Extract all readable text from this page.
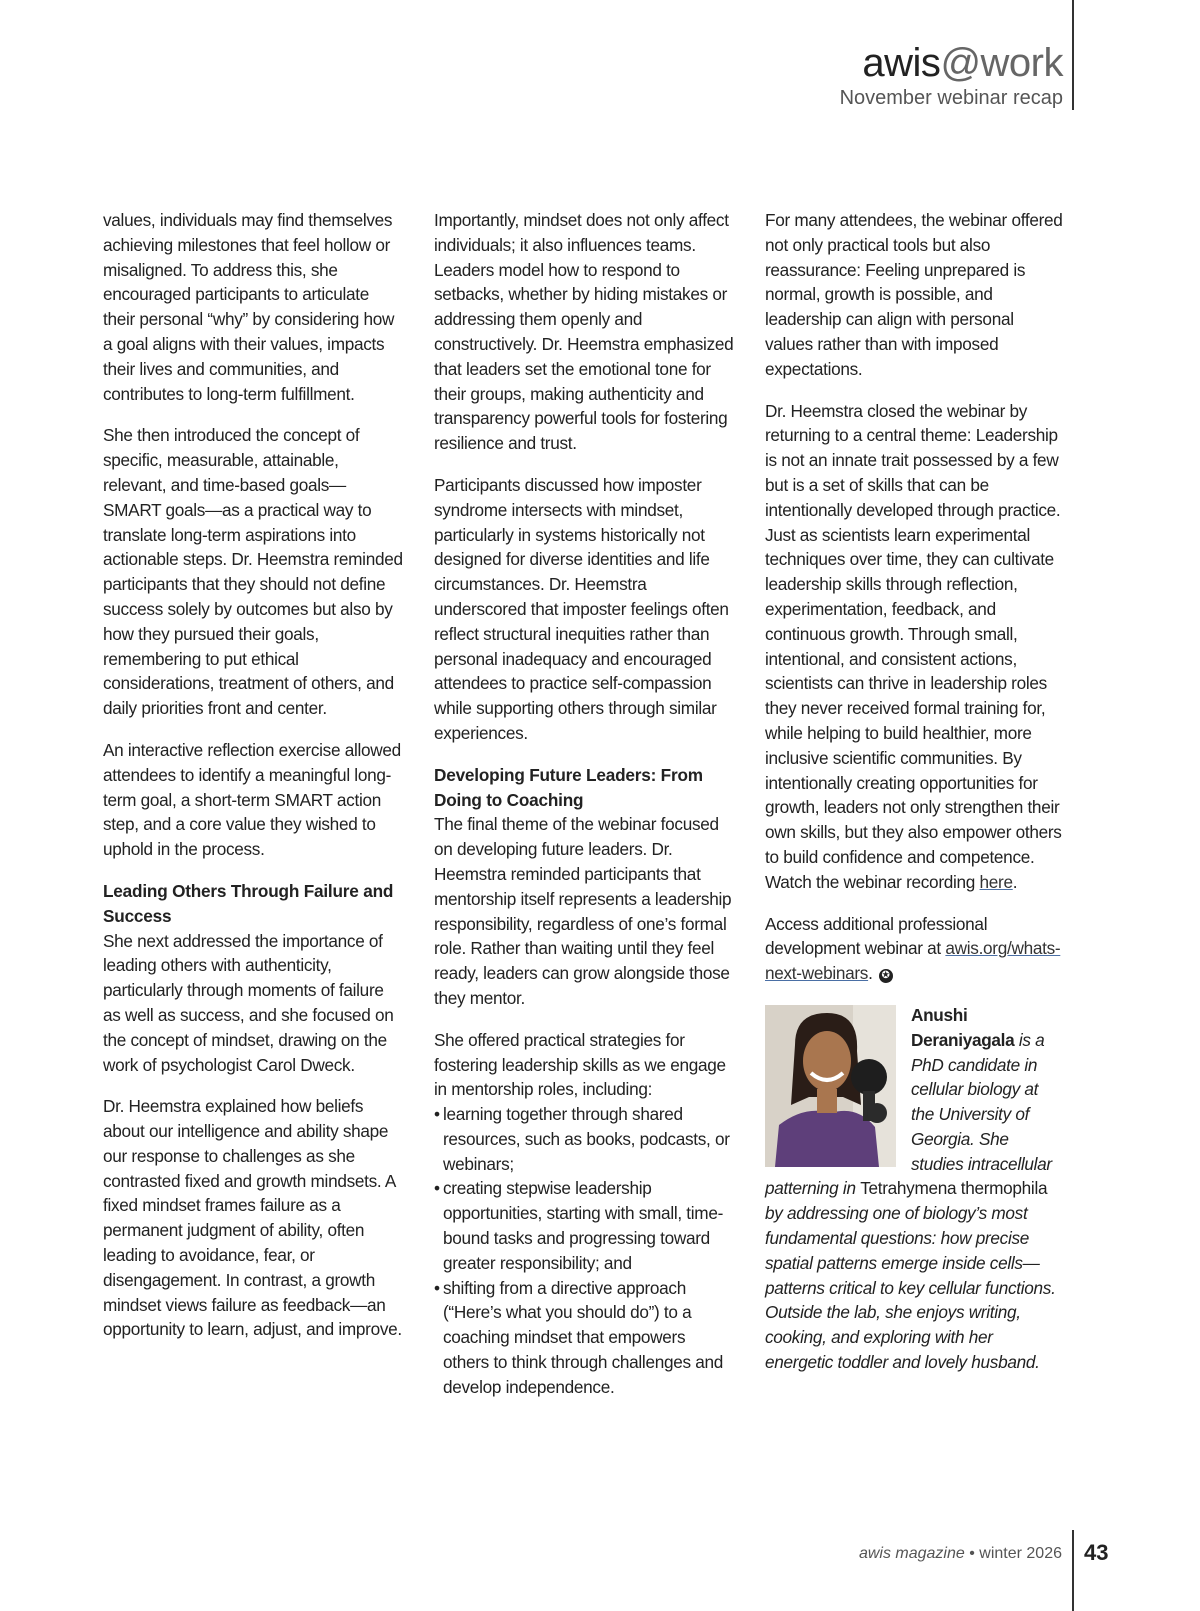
awis@work
November webinar recap

values, individuals may find themselves achieving milestones that feel hollow or misaligned. To address this, she encouraged participants to articulate their personal “why” by considering how a goal aligns with their values, impacts their lives and communities, and contributes to long-term fulfillment.

She then introduced the concept of specific, measurable, attainable, relevant, and time-based goals—SMART goals—as a practical way to translate long-term aspirations into actionable steps. Dr. Heemstra reminded participants that they should not define success solely by outcomes but also by how they pursued their goals, remembering to put ethical considerations, treatment of others, and daily priorities front and center.

An interactive reflection exercise allowed attendees to identify a meaningful long-term goal, a short-term SMART action step, and a core value they wished to uphold in the process.

Leading Others Through Failure and Success

She next addressed the importance of leading others with authenticity, particularly through moments of failure as well as success, and she focused on the concept of mindset, drawing on the work of psychologist Carol Dweck.

Dr. Heemstra explained how beliefs about our intelligence and ability shape our response to challenges as she contrasted fixed and growth mindsets. A fixed mindset frames failure as a permanent judgment of ability, often leading to avoidance, fear, or disengagement. In contrast, a growth mindset views failure as feedback—an opportunity to learn, adjust, and improve.

Importantly, mindset does not only affect individuals; it also influences teams. Leaders model how to respond to setbacks, whether by hiding mistakes or addressing them openly and constructively. Dr. Heemstra emphasized that leaders set the emotional tone for their groups, making authenticity and transparency powerful tools for fostering resilience and trust.

Participants discussed how imposter syndrome intersects with mindset, particularly in systems historically not designed for diverse identities and life circumstances. Dr. Heemstra underscored that imposter feelings often reflect structural inequities rather than personal inadequacy and encouraged attendees to practice self-compassion while supporting others through similar experiences.

Developing Future Leaders: From Doing to Coaching

The final theme of the webinar focused on developing future leaders. Dr. Heemstra reminded participants that mentorship itself represents a leadership responsibility, regardless of one’s formal role. Rather than waiting until they feel ready, leaders can grow alongside those they mentor.

She offered practical strategies for fostering leadership skills as we engage in mentorship roles, including:

• learning together through shared resources, such as books, podcasts, or webinars;
• creating stepwise leadership opportunities, starting with small, time-bound tasks and progressing toward greater responsibility; and
• shifting from a directive approach (“Here’s what you should do”) to a coaching mindset that empowers others to think through challenges and develop independence.

For many attendees, the webinar offered not only practical tools but also reassurance: Feeling unprepared is normal, growth is possible, and leadership can align with personal values rather than with imposed expectations.

Dr. Heemstra closed the webinar by returning to a central theme: Leadership is not an innate trait possessed by a few but is a set of skills that can be intentionally developed through practice. Just as scientists learn experimental techniques over time, they can cultivate leadership skills through reflection, experimentation, feedback, and continuous growth. Through small, intentional, and consistent actions, scientists can thrive in leadership roles they never received formal training for, while helping to build healthier, more inclusive scientific communities. By intentionally creating opportunities for growth, leaders not only strengthen their own skills, but they also empower others to build confidence and competence. Watch the webinar recording here.

Access additional professional development webinar at awis.org/whats-next-webinars. ✪

Anushi Deraniyagala is a PhD candidate in cellular biology at the University of Georgia. She studies intracellular patterning in Tetrahymena thermophila by addressing one of biology’s most fundamental questions: how precise spatial patterns emerge inside cells—patterns critical to key cellular functions. Outside the lab, she enjoys writing, cooking, and exploring with her energetic toddler and lovely husband.
awis magazine • winter 2026 43
